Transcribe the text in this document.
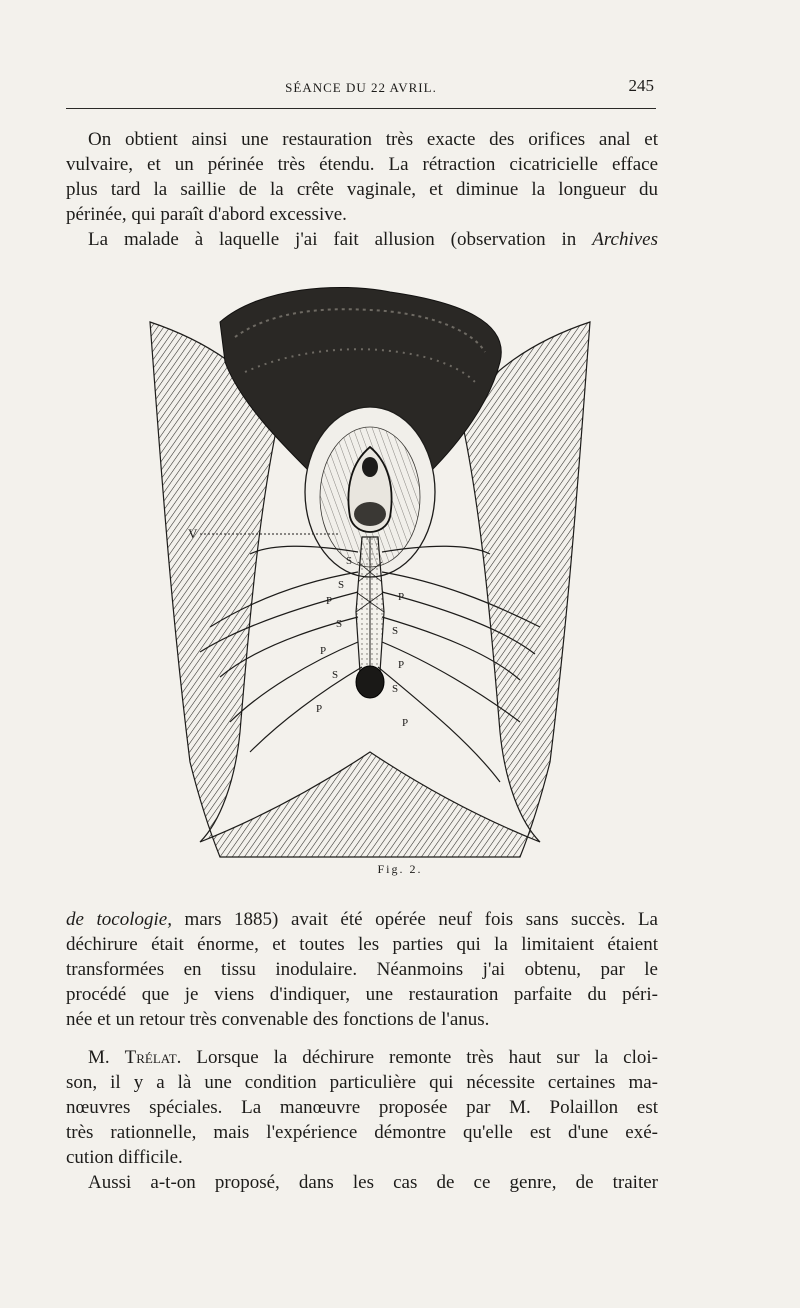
SÉANCE DU 22 AVRIL.	245
On obtient ainsi une restauration très exacte des orifices anal et
vulvaire, et un périnée très étendu. La rétraction cicatricielle efface
plus tard la saillie de la crête vaginale, et diminue la longueur du
périnée, qui paraît d'abord excessive.
La malade à laquelle j'ai fait allusion (observation in Archives
V
S
S
P
S
P
S
P
P
S
P
S
P
Fig. 2.
de tocologie, mars 1885) avait été opérée neuf fois sans succès. La
déchirure était énorme, et toutes les parties qui la limitaient étaient
transformées en tissu inodulaire. Néanmoins j'ai obtenu, par le
procédé que je viens d'indiquer, une restauration parfaite du péri-
née et un retour très convenable des fonctions de l'anus.
M. Trélat. Lorsque la déchirure remonte très haut sur la cloi-
son, il y a là une condition particulière qui nécessite certaines ma-
nœuvres spéciales. La manœuvre proposée par M. Polaillon est
très rationnelle, mais l'expérience démontre qu'elle est d'une exé-
cution difficile.
Aussi a-t-on proposé, dans les cas de ce genre, de traiter
